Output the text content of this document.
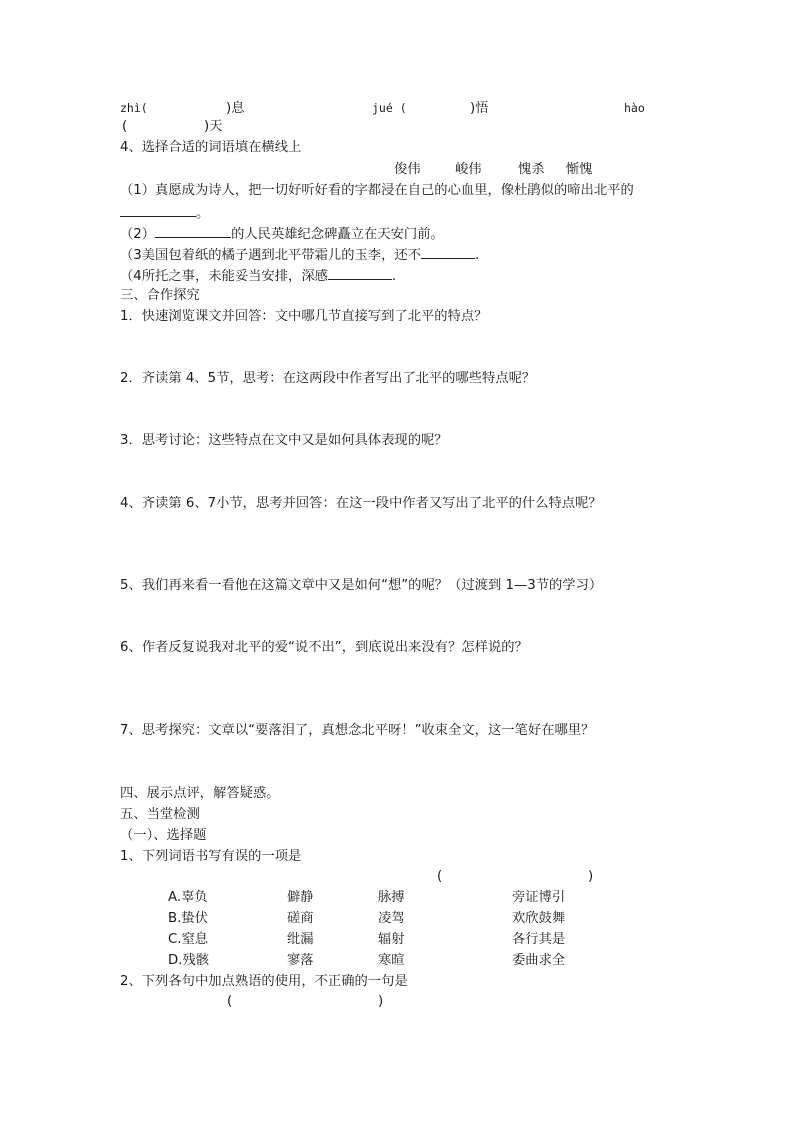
zhì(	)息	jué (	)悟	hào
(	)天
4、选择合适的词语填在横线上
俊伟	峻伟	愧杀 惭愧
（1）真愿成为诗人，把一切好听好看的字都浸在自己的心血里，像杜鹃似的啼出北平的
。
（2）	的人民英雄纪念碑矗立在天安门前。
（3美国包着纸的橘子遇到北平带霜儿的玉李，还不	.
（4所托之事，未能妥当安排，深感	.
三、合作探究
1．快速浏览课文并回答：文中哪几节直接写到了北平的特点？
2．齐读第 4、5节，思考：在这两段中作者写出了北平的哪些特点呢？
3．思考讨论：这些特点在文中又是如何具体表现的呢？
4、齐读第 6、7小节，思考并回答：在这一段中作者又写出了北平的什么特点呢？
5、我们再来看一看他在这篇文章中又是如何“想”的呢？（过渡到 1—3节的学习）
6、作者反复说我对北平的爱“说不出”，到底说出来没有？怎样说的？
7、思考探究：文章以“要落泪了，真想念北平呀！”收束全文，这一笔好在哪里？
四、展示点评，解答疑惑。
五、当堂检测
（一）、选择题
1、下列词语书写有误的一项是
(	)
A.辜负	僻静	脉搏	旁证博引
B.蛰伏	磋商	凌驾	欢欣鼓舞
C.窒息	纰漏	辐射	各行其是
D.残骸	寥落	寒暄	委曲求全
2、下列各句中加点熟语的使用，不正确的一句是
(	)
